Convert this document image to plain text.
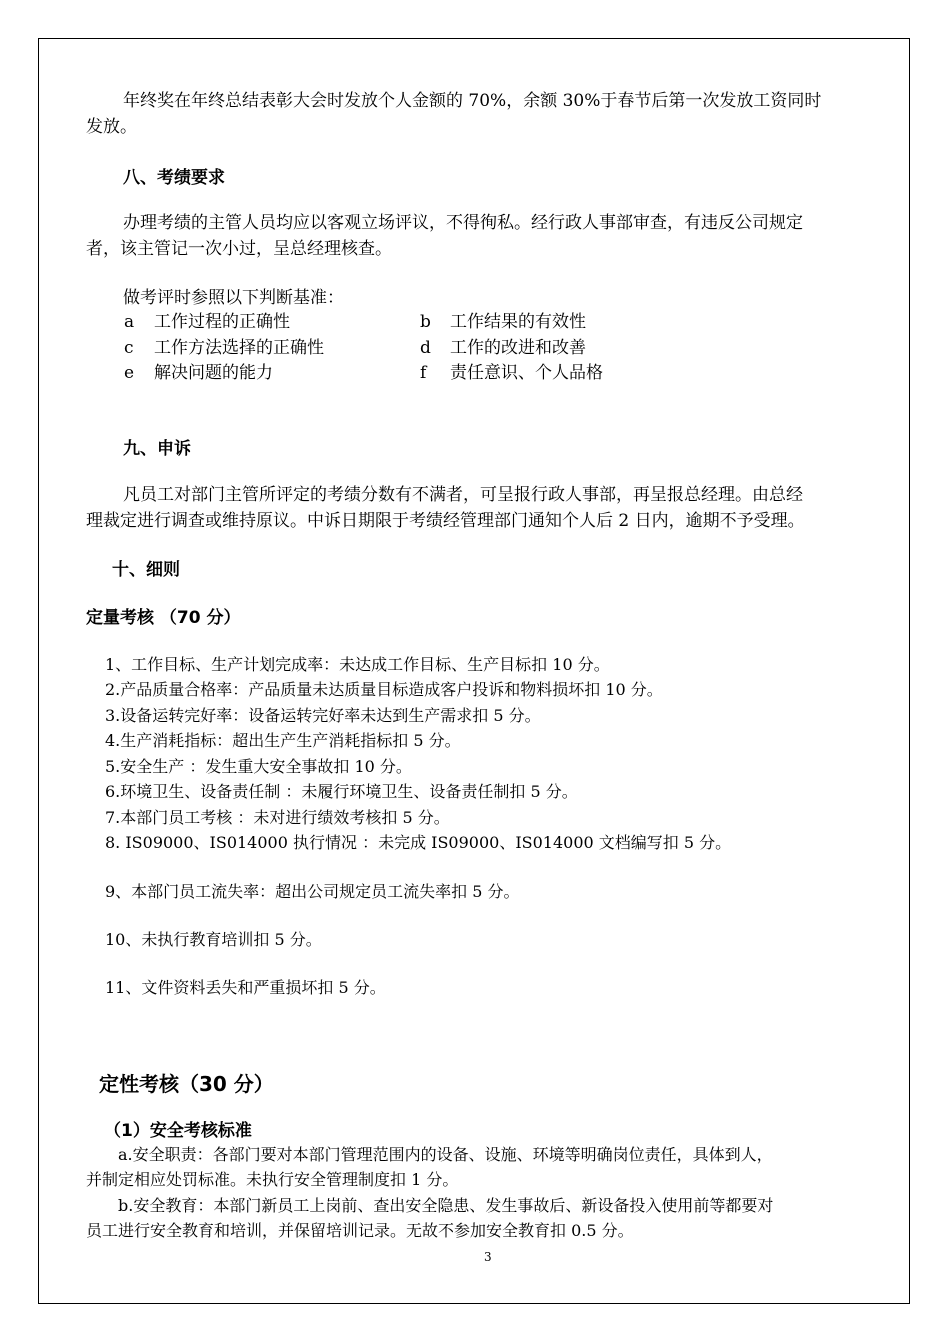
年终奖在年终总结表彰大会时发放个人金额的 70%，余额 30%于春节后第一次发放工资同时
发放。
八、考绩要求
办理考绩的主管人员均应以客观立场评议，不得徇私。经行政人事部审查，有违反公司规定
者，该主管记一次小过，呈总经理核查。
做考评时参照以下判断基准：
a 工作过程的正确性	b 工作结果的有效性
c 工作方法选择的正确性	d 工作的改进和改善
e 解决问题的能力	f 责任意识、个人品格
九、申诉
凡员工对部门主管所评定的考绩分数有不满者，可呈报行政人事部，再呈报总经理。由总经
理裁定进行调查或维持原议。中诉日期限于考绩经管理部门通知个人后 2 日内，逾期不予受理。
十、细则
定量考核 （70 分）
1、工作目标、生产计划完成率：未达成工作目标、生产目标扣 10 分。
2.产品质量合格率：产品质量未达质量目标造成客户投诉和物料损坏扣 10 分。
3.设备运转完好率：设备运转完好率未达到生产需求扣 5 分。
4.生产消耗指标：超出生产生产消耗指标扣 5 分。
5.安全生产 ：发生重大安全事故扣 10 分。
6.环境卫生、设备责任制 ：未履行环境卫生、设备责任制扣 5 分。
7.本部门员工考核 ：未对进行绩效考核扣 5 分。
8. IS09000、IS014000 执行情况 ：未完成 IS09000、IS014000 文档编写扣 5 分。
9、本部门员工流失率：超出公司规定员工流失率扣 5 分。
10、未执行教育培训扣 5 分。
11、文件资料丢失和严重损坏扣 5 分。
定性考核（30 分）
（1）安全考核标准
a.安全职责：各部门要对本部门管理范围内的设备、设施、环境等明确岗位责任，具体到人，
并制定相应处罚标准。未执行安全管理制度扣 1 分。
b.安全教育：本部门新员工上岗前、查出安全隐患、发生事故后、新设备投入使用前等都要对
员工进行安全教育和培训，并保留培训记录。无故不参加安全教育扣 0.5 分。
3
